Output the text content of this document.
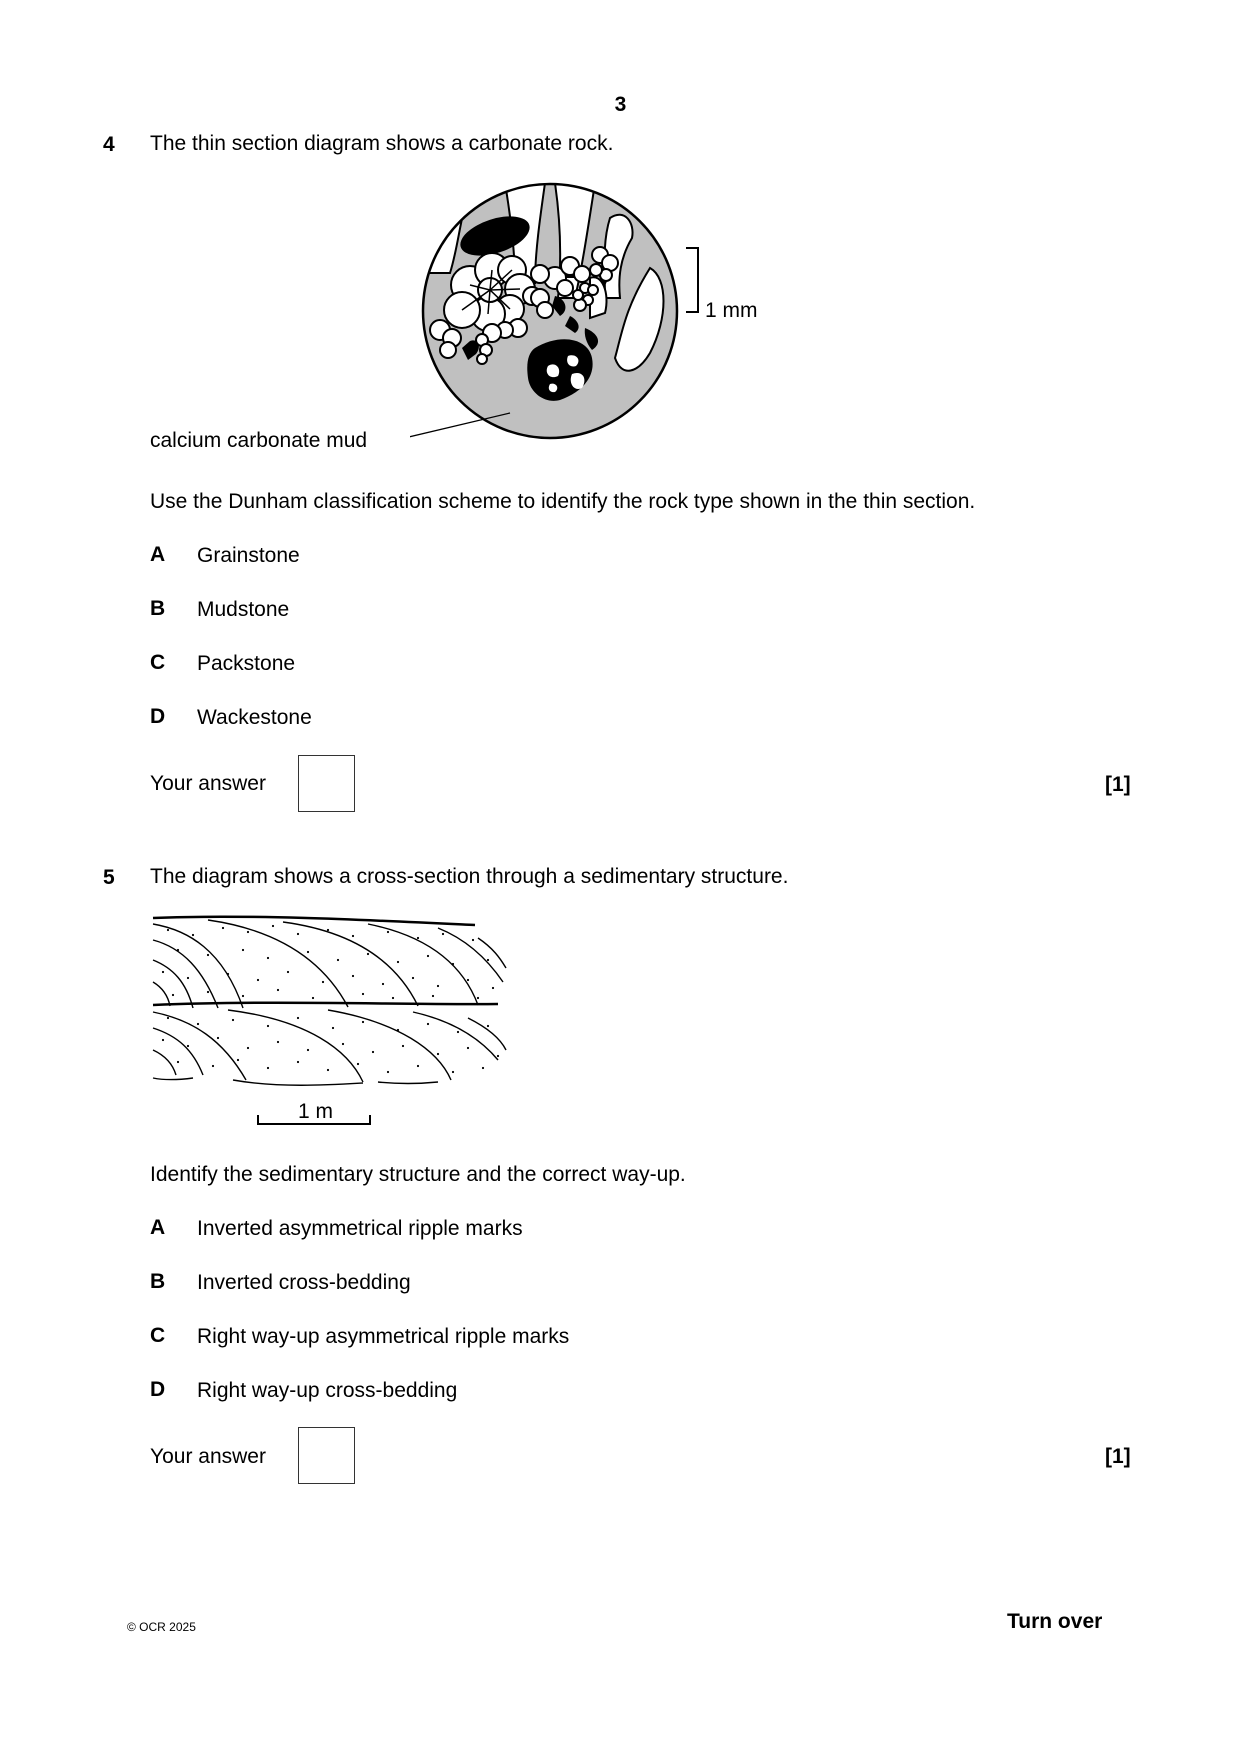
3
4 The thin section diagram shows a carbonate rock.
1 mm
calcium carbonate mud
Use the Dunham classification scheme to identify the rock type shown in the thin section.
A Grainstone
B Mudstone
C Packstone
D Wackestone
Your answer	[1]
5 The diagram shows a cross-section through a sedimentary structure.
1 m
Identify the sedimentary structure and the correct way-up.
A Inverted asymmetrical ripple marks
B Inverted cross-bedding
C Right way-up asymmetrical ripple marks
D Right way-up cross-bedding
Your answer	[1]
© OCR 2025	Turn over
